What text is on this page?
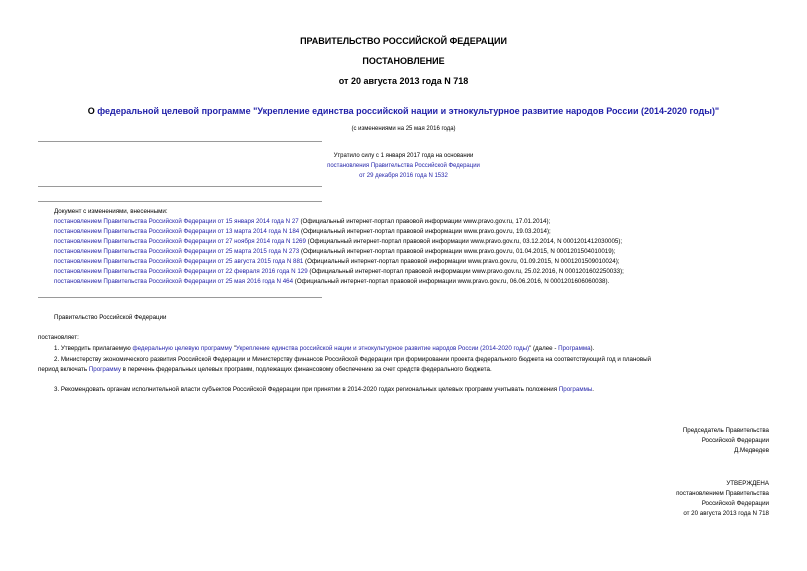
ПРАВИТЕЛЬСТВО РОССИЙСКОЙ ФЕДЕРАЦИИ
ПОСТАНОВЛЕНИЕ
от 20 августа 2013 года N 718
О федеральной целевой программе "Укрепление единства российской нации и этнокультурное развитие народов России (2014-2020 годы)"
(с изменениями на 25 мая 2016 года)
Утратило силу с 1 января 2017 года на основании
постановления Правительства Российской Федерации
от 29 декабря 2016 года N 1532
Документ с изменениями, внесенными:
постановлением Правительства Российской Федерации от 15 января 2014 года N 27 (Официальный интернет-портал правовой информации www.pravo.gov.ru, 17.01.2014);
постановлением Правительства Российской Федерации от 13 марта 2014 года N 184 (Официальный интернет-портал правовой информации www.pravo.gov.ru, 19.03.2014);
постановлением Правительства Российской Федерации от 27 ноября 2014 года N 1269 (Официальный интернет-портал правовой информации www.pravo.gov.ru, 03.12.2014, N 0001201412030005);
постановлением Правительства Российской Федерации от 25 марта 2015 года N 273 (Официальный интернет-портал правовой информации www.pravo.gov.ru, 01.04.2015, N 0001201504010019);
постановлением Правительства Российской Федерации от 25 августа 2015 года N 881 (Официальный интернет-портал правовой информации www.pravo.gov.ru, 01.09.2015, N 0001201509010024);
постановлением Правительства Российской Федерации от 22 февраля 2016 года N 129 (Официальный интернет-портал правовой информации www.pravo.gov.ru, 25.02.2016, N 0001201602250033);
постановлением Правительства Российской Федерации от 25 мая 2016 года N 464 (Официальный интернет-портал правовой информации www.pravo.gov.ru, 06.06.2016, N 0001201606060038).
Правительство Российской Федерации
постановляет:
1. Утвердить прилагаемую федеральную целевую программу "Укрепление единства российской нации и этнокультурное развитие народов России (2014-2020 годы)" (далее - Программа).
2. Министерству экономического развития Российской Федерации и Министерству финансов Российской Федерации при формировании проекта федерального бюджета на соответствующий год и плановый
период включать Программу в перечень федеральных целевых программ, подлежащих финансовому обеспечению за счет средств федерального бюджета.
3. Рекомендовать органам исполнительной власти субъектов Российской Федерации при принятии в 2014-2020 годах региональных целевых программ учитывать положения Программы.
Председатель Правительства
Российской Федерации
Д.Медведев
УТВЕРЖДЕНА
постановлением Правительства
Российской Федерации
от 20 августа 2013 года N 718
